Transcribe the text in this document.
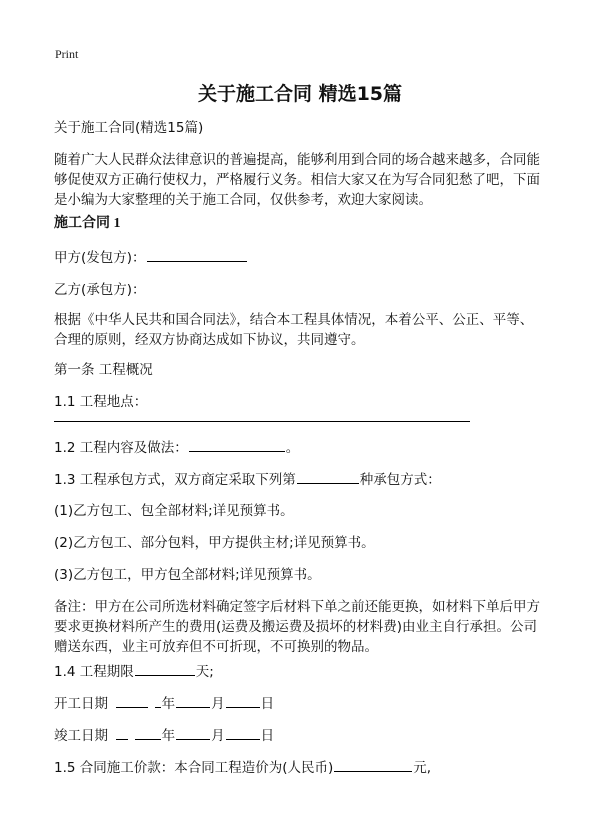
Print
关于施工合同 精选15篇
关于施工合同(精选15篇)
随着广大人民群众法律意识的普遍提高，能够利用到合同的场合越来越多，合同能
够促使双方正确行使权力，严格履行义务。相信大家又在为写合同犯愁了吧，下面
是小编为大家整理的关于施工合同，仅供参考，欢迎大家阅读。
施工合同 1
甲方(发包方)：
乙方(承包方)：
根据《中华人民共和国合同法》，结合本工程具体情况，本着公平、公正、平等、
合理的原则，经双方协商达成如下协议，共同遵守。
第一条 工程概况
1.1 工程地点：
1.2 工程内容及做法：	。
1.3 工程承包方式，双方商定采取下列第	种承包方式：
(1)乙方包工、包全部材料;详见预算书。
(2)乙方包工、部分包料，甲方提供主材;详见预算书。
(3)乙方包工，甲方包全部材料;详见预算书。
备注：甲方在公司所选材料确定签字后材料下单之前还能更换，如材料下单后甲方
要求更换材料所产生的费用(运费及搬运费及损坏的材料费)由业主自行承担。公司
赠送东西，业主可放弃但不可折现，不可换别的物品。
1.4 工程期限	天;
开工日期	年	月	日
竣工日期	年	月	日
1.5 合同施工价款：本合同工程造价为(人民币)	元,
